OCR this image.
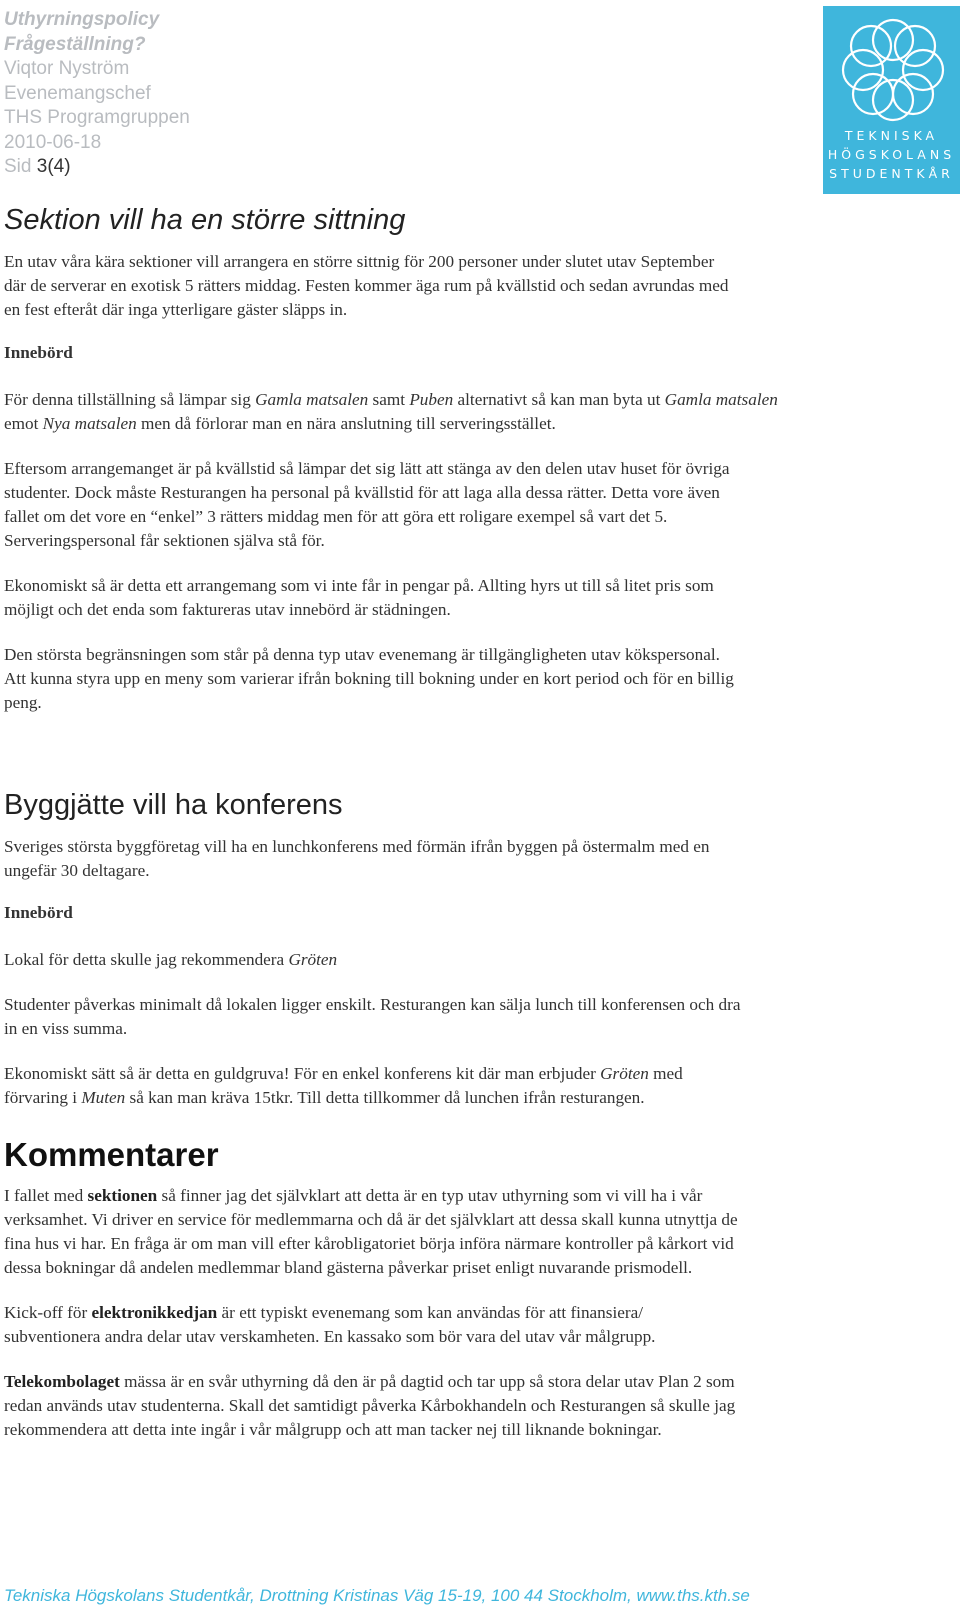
Uthyrningspolicy
Frågeställning?
Viqtor Nyström
Evenemangschef
THS Programgruppen
2010-06-18
Sid 3(4)
TEKNISKA
HÖGSKOLANS
STUDENTKÅR
Sektion vill ha en större sittning

En utav våra kära sektioner vill arrangera en större sittnig för 200 personer under slutet utav September

där de serverar en exotisk 5 rätters middag. Festen kommer äga rum på kvällstid och sedan avrundas med

en fest efteråt där inga ytterligare gäster släpps in.

Innebörd

För denna tillställning så lämpar sig Gamla matsalen samt Puben alternativt så kan man byta ut Gamla matsalen

emot Nya matsalen men då förlorar man en nära anslutning till serveringsstället.

Eftersom arrangemanget är på kvällstid så lämpar det sig lätt att stänga av den delen utav huset för övriga

studenter. Dock måste Resturangen ha personal på kvällstid för att laga alla dessa rätter. Detta vore även

fallet om det vore en “enkel” 3 rätters middag men för att göra ett roligare exempel så vart det 5.

Serveringspersonal får sektionen själva stå för.

Ekonomiskt så är detta ett arrangemang som vi inte får in pengar på. Allting hyrs ut till så litet pris som

möjligt och det enda som faktureras utav innebörd är städningen.

Den största begränsningen som står på denna typ utav evenemang är tillgängligheten utav kökspersonal.

Att kunna styra upp en meny som varierar ifrån bokning till bokning under en kort period och för en billig

peng.

Byggjätte vill ha konferens

Sveriges största byggföretag vill ha en lunchkonferens med förmän ifrån byggen på östermalm med en

ungefär 30 deltagare.

Innebörd

Lokal för detta skulle jag rekommendera Gröten

Studenter påverkas minimalt då lokalen ligger enskilt. Resturangen kan sälja lunch till konferensen och dra

in en viss summa.

Ekonomiskt sätt så är detta en guldgruva! För en enkel konferens kit där man erbjuder Gröten med

förvaring i Muten så kan man kräva 15tkr. Till detta tillkommer då lunchen ifrån resturangen.

Kommentarer

I fallet med sektionen så finner jag det självklart att detta är en typ utav uthyrning som vi vill ha i vår

verksamhet. Vi driver en service för medlemmarna och då är det självklart att dessa skall kunna utnyttja de

fina hus vi har. En fråga är om man vill efter kårobligatoriet börja införa närmare kontroller på kårkort vid

dessa bokningar då andelen medlemmar bland gästerna påverkar priset enligt nuvarande prismodell.

Kick-off för elektronikkedjan är ett typiskt evenemang som kan användas för att finansiera/

subventionera andra delar utav verskamheten. En kassako som bör vara del utav vår målgrupp.

Telekombolaget mässa är en svår uthyrning då den är på dagtid och tar upp så stora delar utav Plan 2 som

redan används utav studenterna. Skall det samtidigt påverka Kårbokhandeln och Resturangen så skulle jag

rekommendera att detta inte ingår i vår målgrupp och att man tacker nej till liknande bokningar.

Tekniska Högskolans Studentkår, Drottning Kristinas Väg 15-19, 100 44 Stockholm, www.ths.kth.se
